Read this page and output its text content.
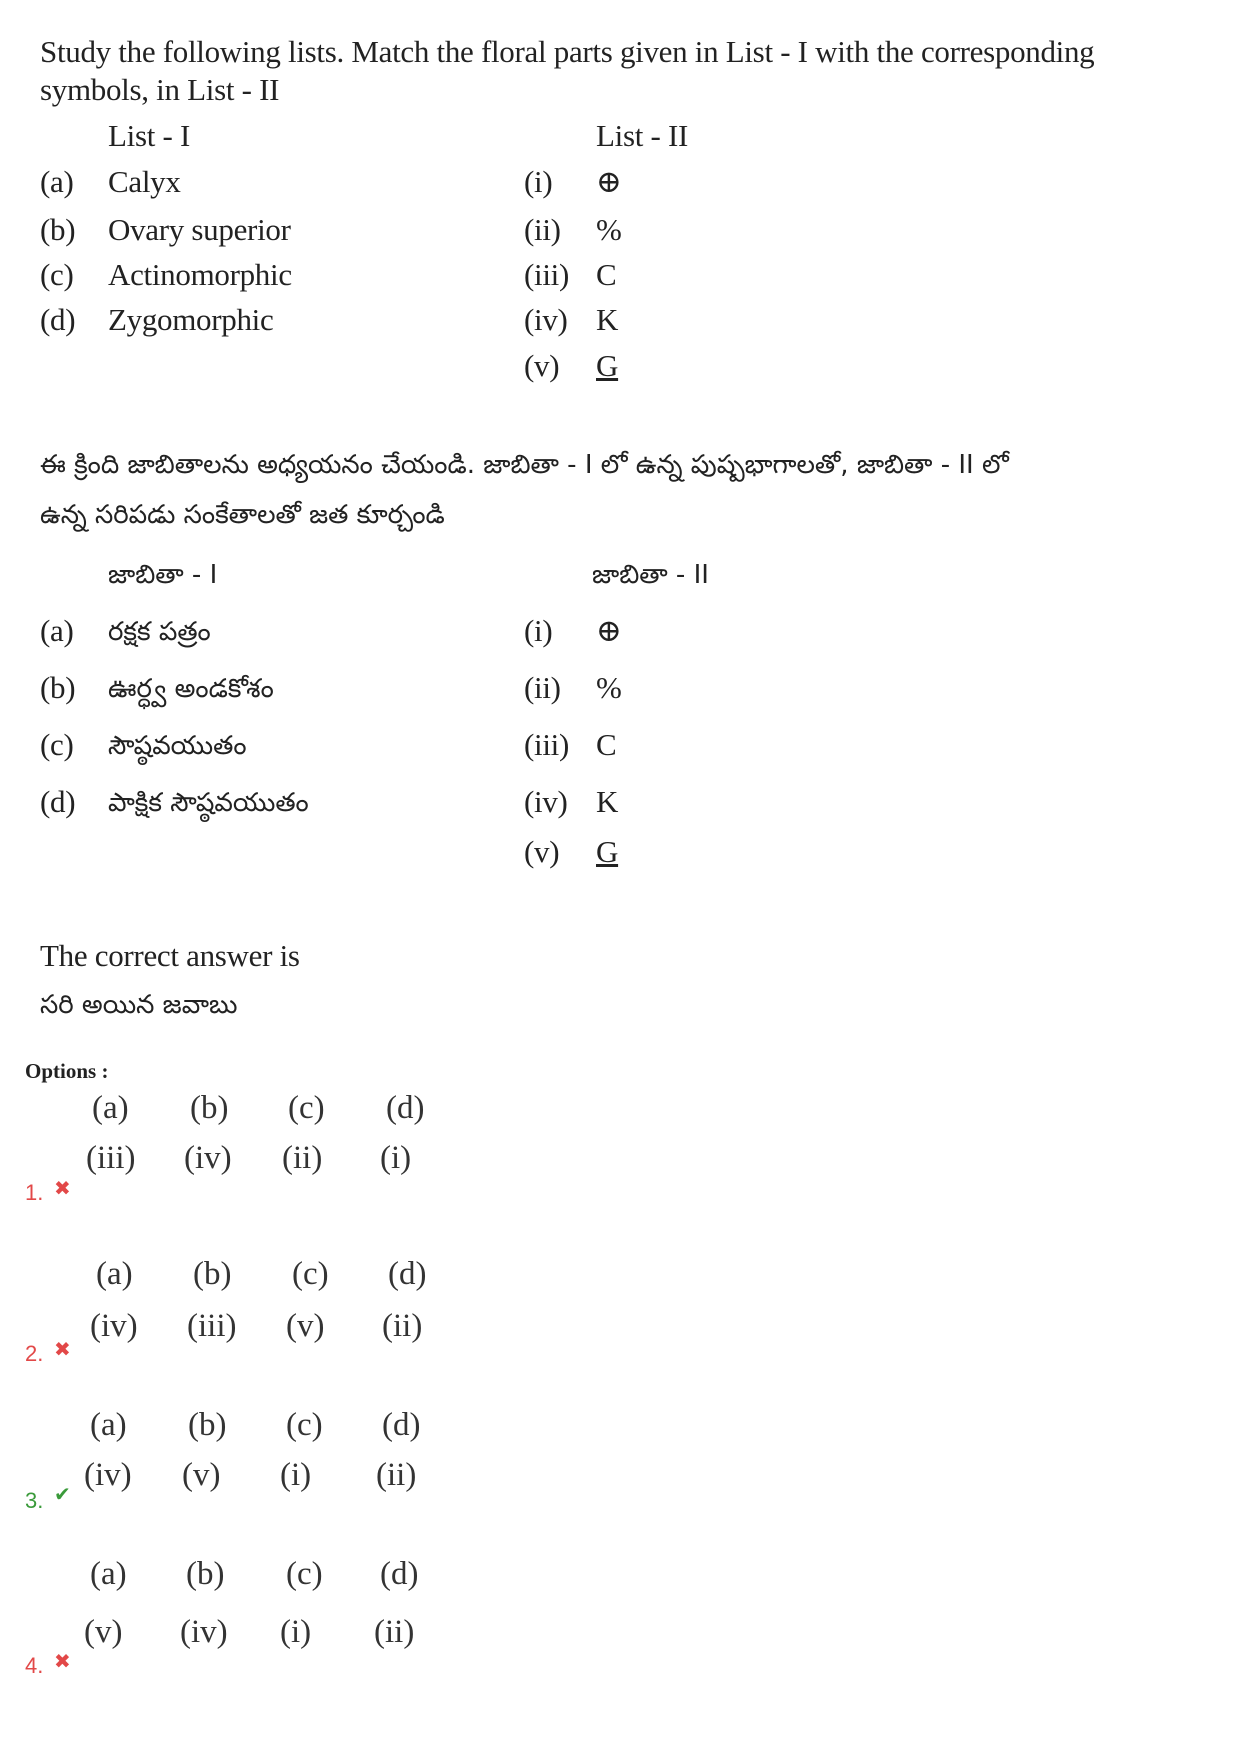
Study the following lists. Match the floral parts given in List - I with the corresponding
symbols, in List - II
List - I	List - II
(a) Calyx
(b) Ovary superior
(c) Actinomorphic
(d) Zygomorphic
(i) ⊕
(ii) %
(iii) C
(iv) K
(v) G
ఈ క్రింది జాబితాలను అధ్యయనం చేయండి. జాబితా - I లో ఉన్న పుష్పభాగాలతో, జాబితా - II లో
ఉన్న సరిపడు సంకేతాలతో జత కూర్చండి
జాబితా - I	జాబితా - II
(a) రక్షక పత్రం
(b) ఊర్ధ్వ అండకోశం
(c) సౌష్ఠవయుతం
(d) పాక్షిక సౌష్ఠవయుతం
(i) ⊕
(ii) %
(iii) C
(iv) K
(v) G
The correct answer is
సరి అయిన జవాబు
Options :
(a) (b) (c) (d)
(iii) (iv) (ii) (i)
1. ✖
(a) (b) (c) (d)
(iv) (iii) (v) (ii)
2. ✖
(a) (b) (c) (d)
(iv) (v) (i) (ii)
3. ✔
(a) (b) (c) (d)
(v) (iv) (i) (ii)
4. ✖
